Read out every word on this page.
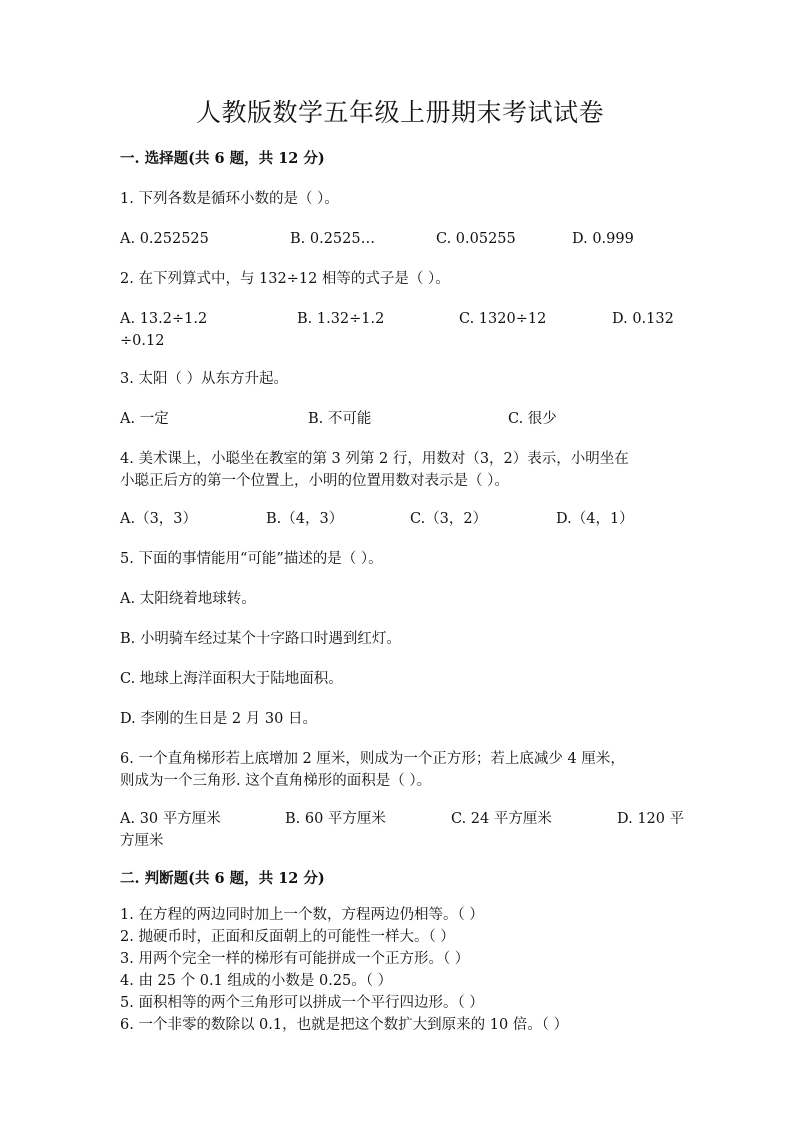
人教版数学五年级上册期末考试试卷
一. 选择题(共 6 题，共 12 分)
1. 下列各数是循环小数的是（ ）。
A. 0.252525	B. 0.2525…	C. 0.05255	D. 0.999
2. 在下列算式中，与 132÷12 相等的式子是（ ）。
A. 13.2÷1.2	B. 1.32÷1.2	C. 1320÷12	D. 0.132
÷0.12
3. 太阳（ ）从东方升起。
A. 一定	B. 不可能	C. 很少
4. 美术课上，小聪坐在教室的第 3 列第 2 行，用数对（3，2）表示，小明坐在
小聪正后方的第一个位置上，小明的位置用数对表示是（ ）。
A.（3，3）	B.（4，3）	C.（3，2）	D.（4，1）
5. 下面的事情能用“可能”描述的是（ ）。
A. 太阳绕着地球转。
B. 小明骑车经过某个十字路口时遇到红灯。
C. 地球上海洋面积大于陆地面积。
D. 李刚的生日是 2 月 30 日。
6. 一个直角梯形若上底增加 2 厘米，则成为一个正方形；若上底减少 4 厘米，
则成为一个三角形. 这个直角梯形的面积是（ ）。
A. 30 平方厘米	B. 60 平方厘米	C. 24 平方厘米	D. 120 平
方厘米
二. 判断题(共 6 题，共 12 分)
1. 在方程的两边同时加上一个数，方程两边仍相等。（ ）
2. 抛硬币时，正面和反面朝上的可能性一样大。（ ）
3. 用两个完全一样的梯形有可能拼成一个正方形。（ ）
4. 由 25 个 0.1 组成的小数是 0.25。（ ）
5. 面积相等的两个三角形可以拼成一个平行四边形。（ ）
6. 一个非零的数除以 0.1，也就是把这个数扩大到原来的 10 倍。（ ）
